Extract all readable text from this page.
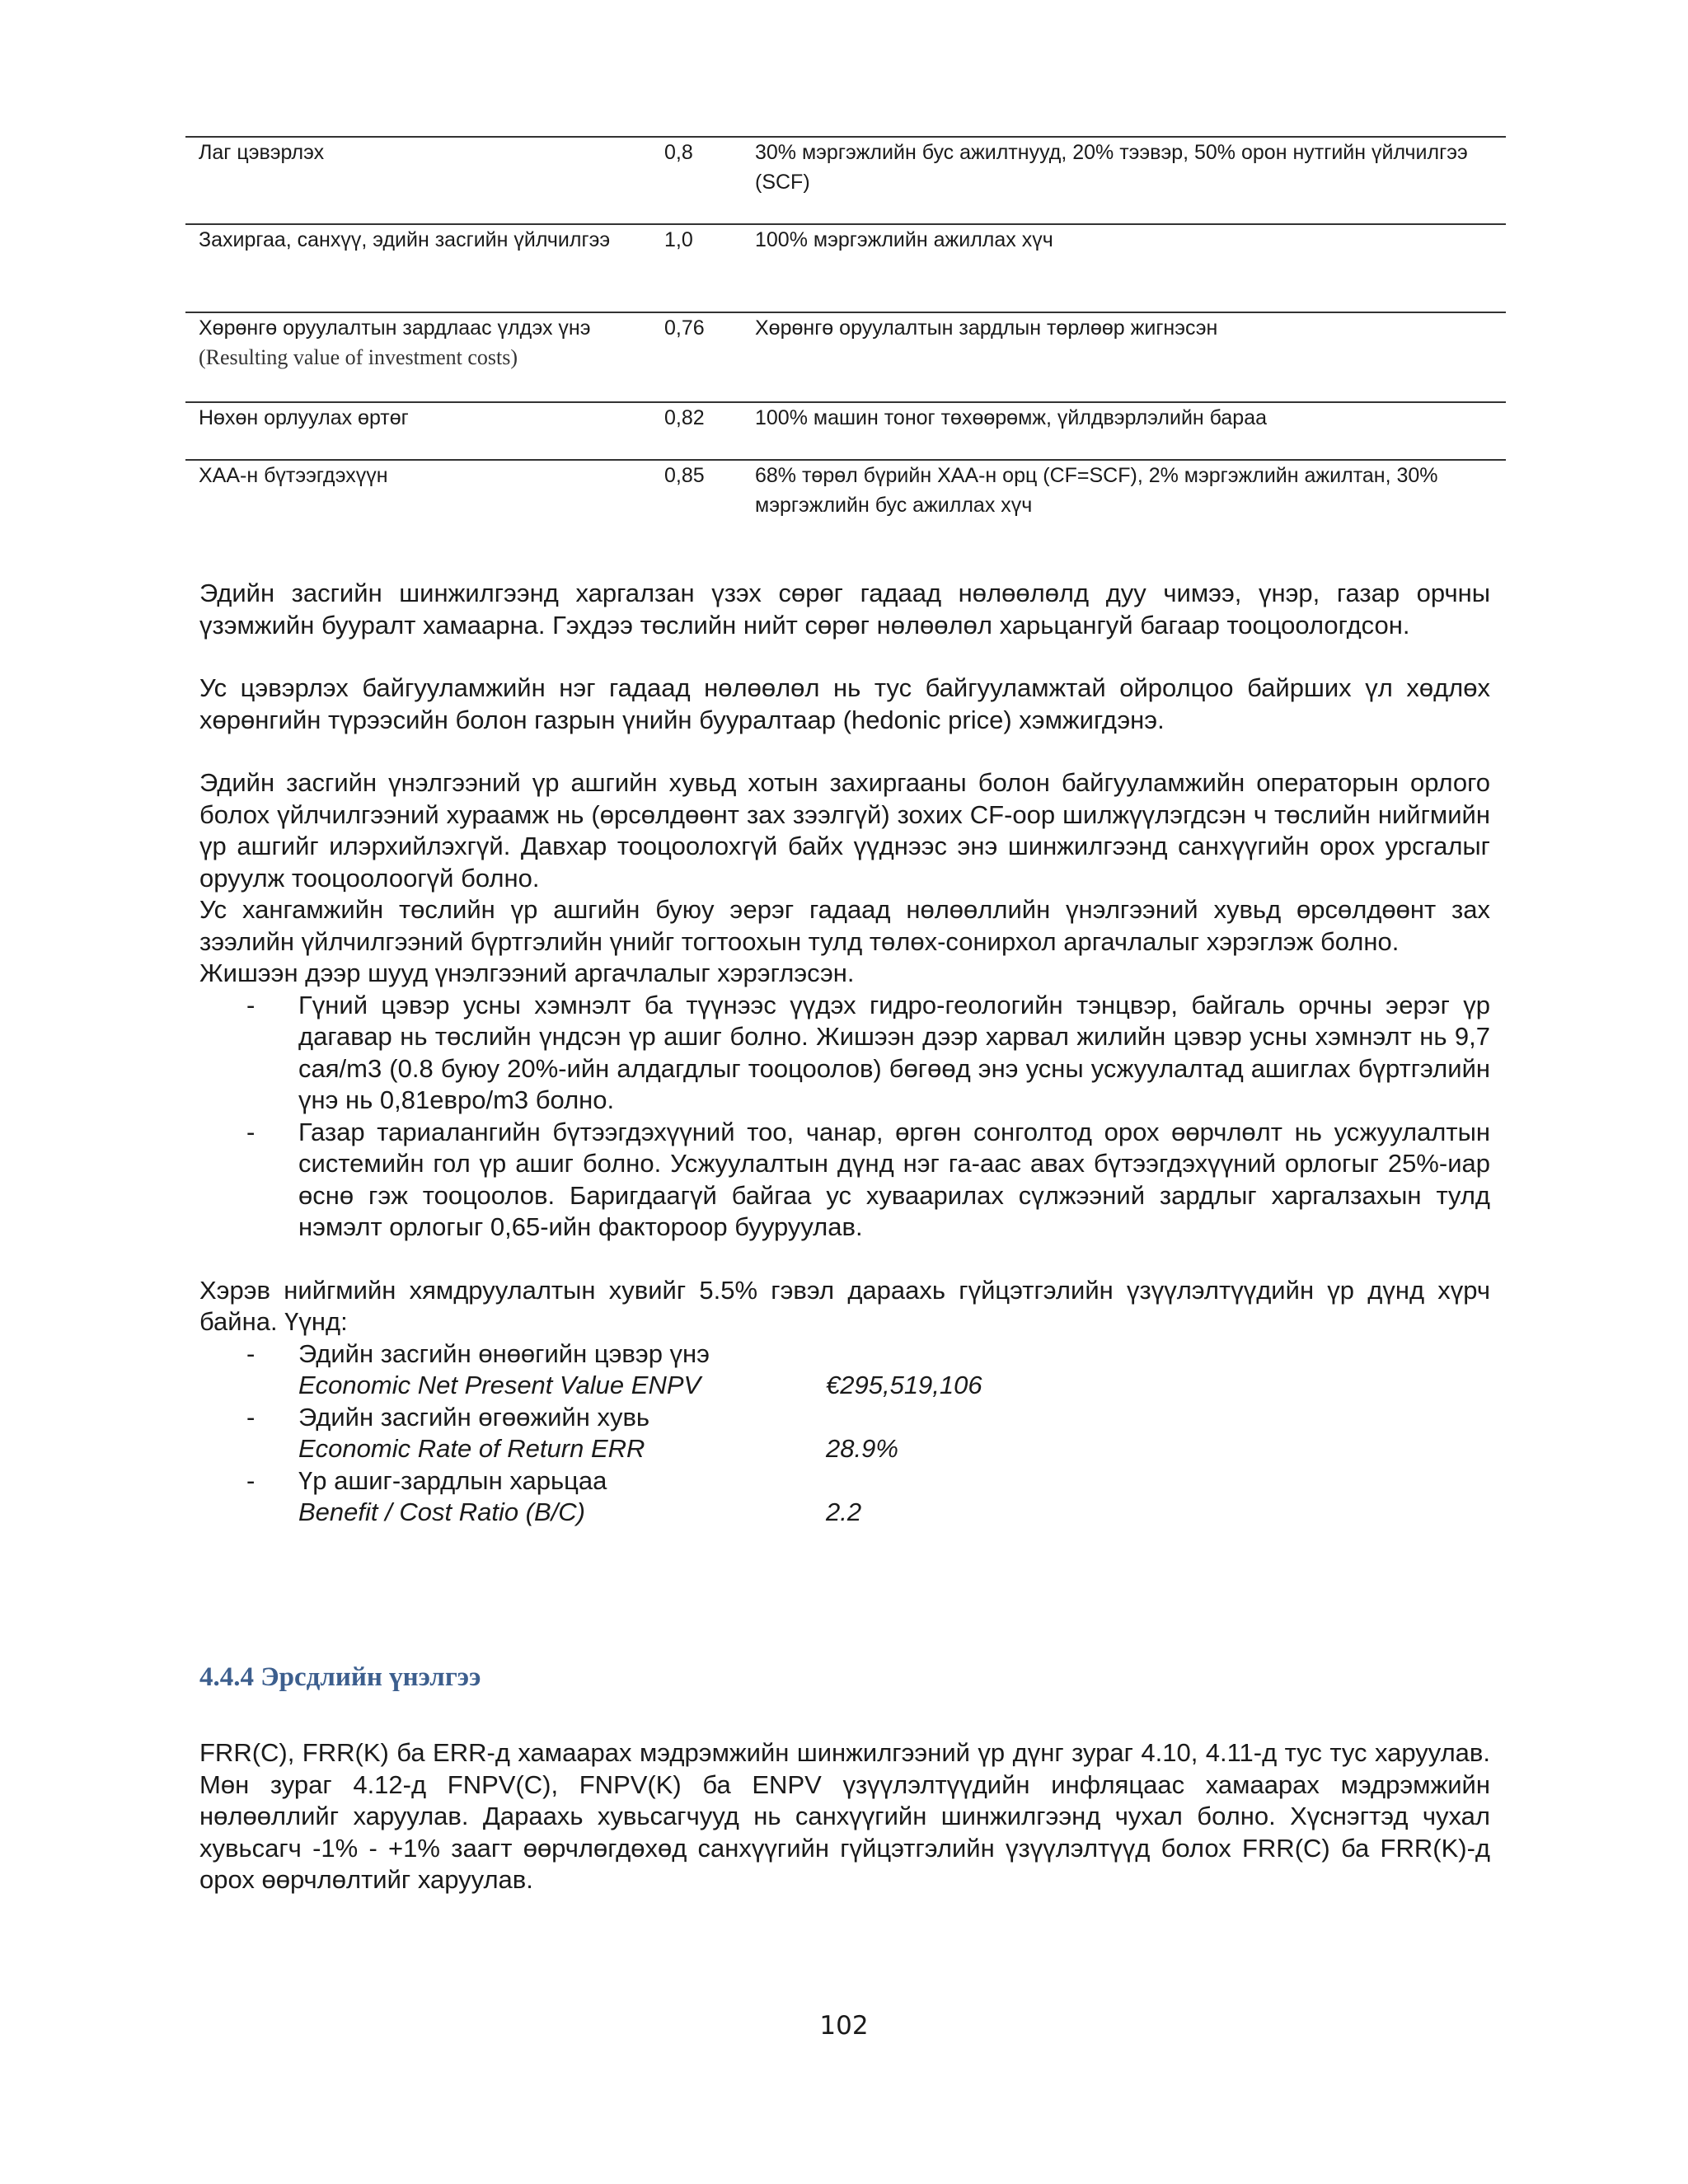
Лаг цэвэрлэх	0,8	30% мэргэжлийн бус ажилтнууд, 20% тээвэр, 50% орон нутгийн үйлчилгээ (SCF)
Захиргаа, санхүү, эдийн засгийн үйлчилгээ	1,0	100% мэргэжлийн ажиллах хүч

Хөрөнгө оруулалтын зардлаас үлдэх үнэ
(Resulting value of investment costs)	0,76	Хөрөнгө оруулалтын зардлын төрлөөр жигнэсэн
Нөхөн орлуулах өртөг	0,82	100% машин тоног төхөөрөмж, үйлдвэрлэлийн бараа
ХАА-н бүтээгдэхүүн	0,85	68% төрөл бүрийн ХАА-н орц (CF=SCF), 2% мэргэжлийн ажилтан, 30% мэргэжлийн бус ажиллах хүч

Эдийн засгийн шинжилгээнд харгалзан үзэх сөрөг гадаад нөлөөлөлд дуу чимээ, үнэр, газар орчны үзэмжийн бууралт хамаарна. Гэхдээ төслийн нийт сөрөг нөлөөлөл харьцангуй багаар тооцоологдсон.

Ус цэвэрлэх байгууламжийн нэг гадаад нөлөөлөл нь тус байгууламжтай ойролцоо байрших үл хөдлөх хөрөнгийн түрээсийн болон газрын үнийн бууралтаар (hedonic price) хэмжигдэнэ.

Эдийн засгийн үнэлгээний үр ашгийн хувьд хотын захиргааны болон байгууламжийн операторын орлого болох үйлчилгээний хураамж нь (өрсөлдөөнт зах зээлгүй) зохих CF-оор шилжүүлэгдсэн ч төслийн нийгмийн үр ашгийг илэрхийлэхгүй. Давхар тооцоолохгүй байх үүднээс энэ шинжилгээнд санхүүгийн орох урсгалыг оруулж тооцоолоогүй болно.

Ус хангамжийн төслийн үр ашгийн буюу эерэг гадаад нөлөөллийн үнэлгээний хувьд өрсөлдөөнт зах зээлийн үйлчилгээний бүртгэлийн үнийг тогтоохын тулд төлөх-сонирхол аргачлалыг хэрэглэж болно.

Жишээн дээр шууд үнэлгээний аргачлалыг хэрэглэсэн.

- Гүний цэвэр усны хэмнэлт ба түүнээс үүдэх гидро-геологийн тэнцвэр, байгаль орчны эерэг үр дагавар нь төслийн үндсэн үр ашиг болно. Жишээн дээр харвал жилийн цэвэр усны хэмнэлт нь 9,7 сая/m3 (0.8 буюу 20%-ийн алдагдлыг тооцоолов) бөгөөд энэ усны усжуулалтад ашиглах бүртгэлийн үнэ нь 0,81евро/m3 болно.
- Газар тариалангийн бүтээгдэхүүний тоо, чанар, өргөн сонголтод орох өөрчлөлт нь усжуулалтын системийн гол үр ашиг болно. Усжуулалтын дүнд нэг га-аас авах бүтээгдэхүүний орлогыг 25%-иар өснө гэж тооцоолов. Баригдаагүй байгаа ус хуваарилах сүлжээний зардлыг харгалзахын тулд нэмэлт орлогыг 0,65-ийн фактороор бууруулав.

Хэрэв нийгмийн хямдруулалтын хувийг 5.5% гэвэл дараахь гүйцэтгэлийн үзүүлэлтүүдийн үр дүнд хүрч байна. Үүнд:

- Эдийн засгийн өнөөгийн цэвэр үнэ
Economic Net Present Value ENPV	€295,519,106
- Эдийн засгийн өгөөжийн хувь
Economic Rate of Return ERR	28.9%
- Үр ашиг-зардлын харьцаа
Benefit / Cost Ratio (B/C)	2.2
4.4.4 Эрсдлийн үнэлгээ

FRR(C), FRR(K) ба ERR-д хамаарах мэдрэмжийн шинжилгээний үр дүнг зураг 4.10, 4.11-д тус тус харуулав. Мөн зураг 4.12-д FNPV(C), FNPV(K) ба ENPV үзүүлэлтүүдийн инфляцаас хамаарах мэдрэмжийн нөлөөллийг харуулав. Дараахь хувьсагчууд нь санхүүгийн шинжилгээнд чухал болно. Хүснэгтэд чухал хувьсагч -1% - +1% заагт өөрчлөгдөхөд санхүүгийн гүйцэтгэлийн үзүүлэлтүүд болох FRR(C) ба FRR(K)-д орох өөрчлөлтийг харуулав.

102
